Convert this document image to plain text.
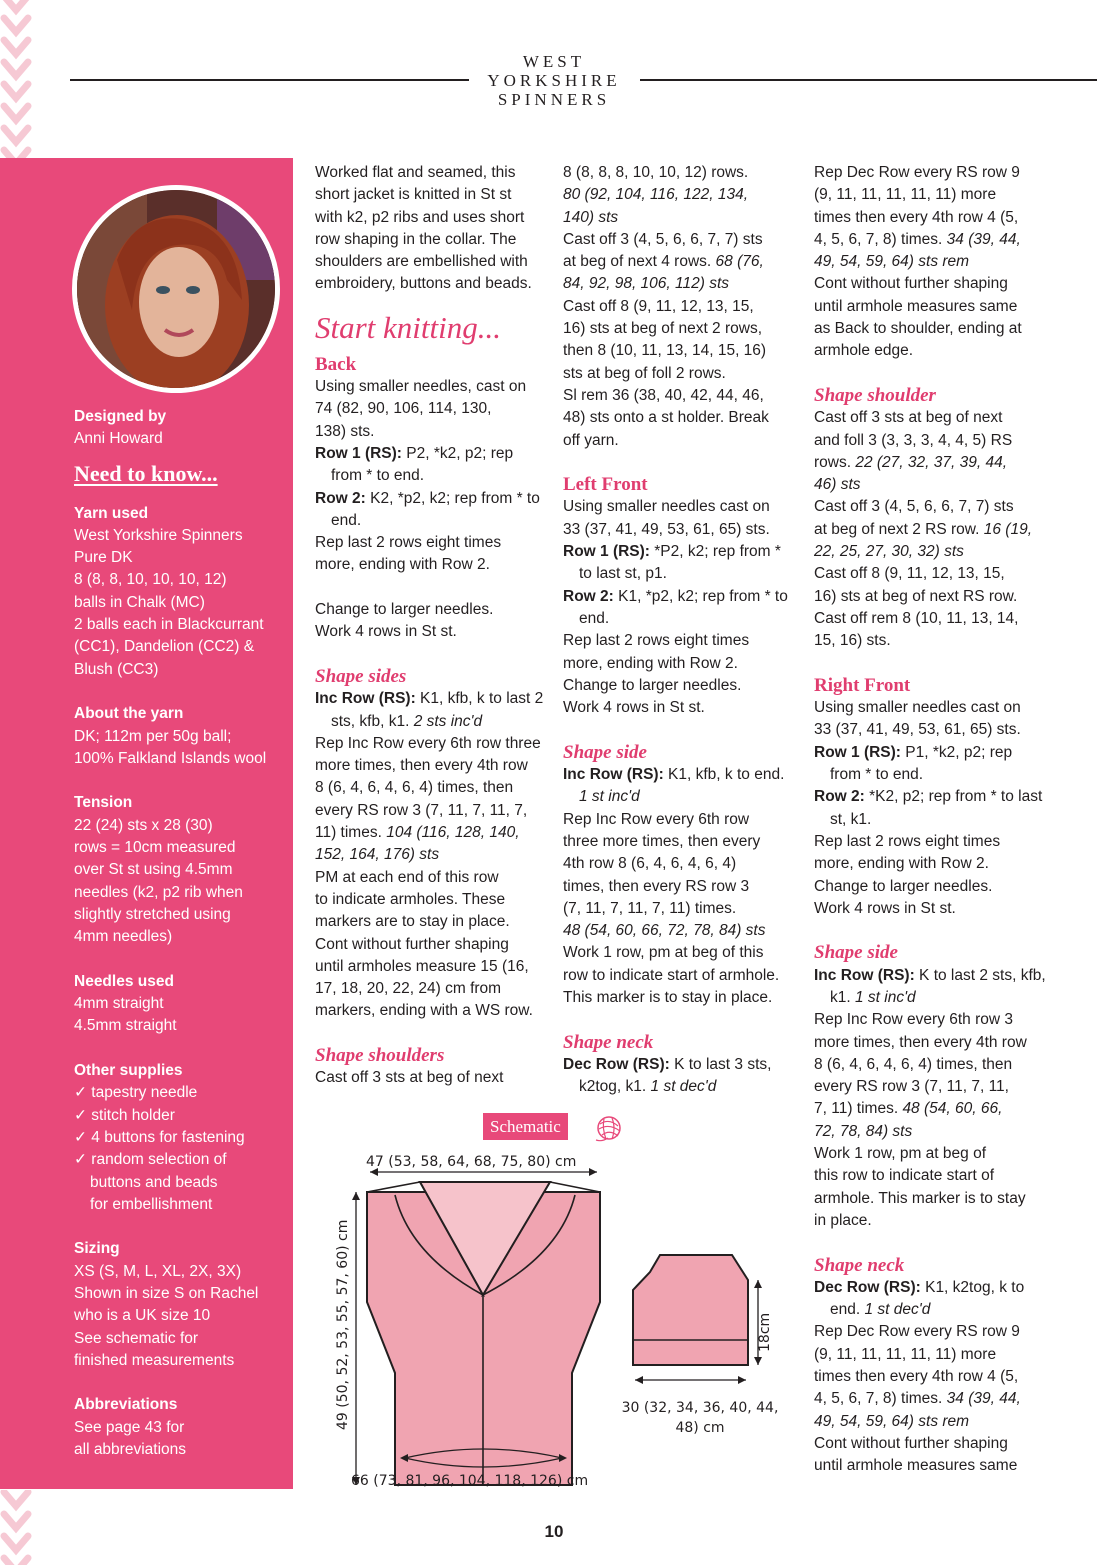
WEST
YORKSHIRE
SPINNERS
Designed by
Anni Howard
Need to know...
Yarn used
West Yorkshire Spinners
Pure DK
8 (8, 8, 10, 10, 10, 12)
balls in Chalk (MC)
2 balls each in Blackcurrant
(CC1), Dandelion (CC2) &
Blush (CC3)
About the yarn
DK; 112m per 50g ball;
100% Falkland Islands wool
Tension
22 (24) sts x 28 (30)
rows = 10cm measured
over St st using 4.5mm
needles (k2, p2 rib when
slightly stretched using
4mm needles)
Needles used
4mm straight
4.5mm straight
Other supplies
✓ tapestry needle
✓ stitch holder
✓ 4 buttons for fastening
✓ random selection of
buttons and beads
for embellishment
Sizing
XS (S, M, L, XL, 2X, 3X)
Shown in size S on Rachel
who is a UK size 10
See schematic for
finished measurements
Abbreviations
See page 43 for
all abbreviations

Worked flat and seamed, this

short jacket is knitted in St st

with k2, p2 ribs and uses short

row shaping in the collar. The

shoulders are embellished with

embroidery, buttons and beads.

Start knitting...
Back

Using smaller needles, cast on

74 (82, 90, 106, 114, 130,

138) sts.

Row 1 (RS): P2, *k2, p2; rep from * to end.

Row 2: K2, *p2, k2; rep from * to end.

Rep last 2 rows eight times

more, ending with Row 2.

Change to larger needles.

Work 4 rows in St st.

Shape sides

Inc Row (RS): K1, kfb, k to last 2 sts, kfb, k1. 2 sts inc'd

Rep Inc Row every 6th row three

more times, then every 4th row

8 (6, 4, 6, 4, 6, 4) times, then

every RS row 3 (7, 11, 7, 11, 7,

11) times. 104 (116, 128, 140,

152, 164, 176) sts

PM at each end of this row

to indicate armholes. These

markers are to stay in place.

Cont without further shaping

until armholes measure 15 (16,

17, 18, 20, 22, 24) cm from

markers, ending with a WS row.

Shape shoulders

Cast off 3 sts at beg of next

8 (8, 8, 8, 10, 10, 12) rows.

80 (92, 104, 116, 122, 134,

140) sts

Cast off 3 (4, 5, 6, 6, 7, 7) sts

at beg of next 4 rows. 68 (76,

84, 92, 98, 106, 112) sts

Cast off 8 (9, 11, 12, 13, 15,

16) sts at beg of next 2 rows,

then 8 (10, 11, 13, 14, 15, 16)

sts at beg of foll 2 rows.

Sl rem 36 (38, 40, 42, 44, 46,

48) sts onto a st holder. Break

off yarn.

Left Front

Using smaller needles cast on

33 (37, 41, 49, 53, 61, 65) sts.

Row 1 (RS): *P2, k2; rep from * to last st, p1.

Row 2: K1, *p2, k2; rep from * to end.

Rep last 2 rows eight times

more, ending with Row 2.

Change to larger needles.

Work 4 rows in St st.

Shape side

Inc Row (RS): K1, kfb, k to end. 1 st inc'd

Rep Inc Row every 6th row

three more times, then every

4th row 8 (6, 4, 6, 4, 6, 4)

times, then every RS row 3

(7, 11, 7, 11, 7, 11) times.

48 (54, 60, 66, 72, 78, 84) sts

Work 1 row, pm at beg of this

row to indicate start of armhole.

This marker is to stay in place.

Shape neck

Dec Row (RS): K to last 3 sts, k2tog, k1. 1 st dec'd

Rep Dec Row every RS row 9

(9, 11, 11, 11, 11, 11) more

times then every 4th row 4 (5,

4, 5, 6, 7, 8) times. 34 (39, 44,

49, 54, 59, 64) sts rem

Cont without further shaping

until armhole measures same

as Back to shoulder, ending at

armhole edge.

Shape shoulder

Cast off 3 sts at beg of next

and foll 3 (3, 3, 3, 4, 4, 5) RS

rows. 22 (27, 32, 37, 39, 44,

46) sts

Cast off 3 (4, 5, 6, 6, 7, 7) sts

at beg of next 2 RS row. 16 (19,

22, 25, 27, 30, 32) sts

Cast off 8 (9, 11, 12, 13, 15,

16) sts at beg of next RS row.

Cast off rem 8 (10, 11, 13, 14,

15, 16) sts.

Right Front

Using smaller needles cast on

33 (37, 41, 49, 53, 61, 65) sts.

Row 1 (RS): P1, *k2, p2; rep from * to end.

Row 2: *K2, p2; rep from * to last st, k1.

Rep last 2 rows eight times

more, ending with Row 2.

Change to larger needles.

Work 4 rows in St st.

Shape side

Inc Row (RS): K to last 2 sts, kfb, k1. 1 st inc'd

Rep Inc Row every 6th row 3

more times, then every 4th row

8 (6, 4, 6, 4, 6, 4) times, then

every RS row 3 (7, 11, 7, 11,

7, 11) times. 48 (54, 60, 66,

72, 78, 84) sts

Work 1 row, pm at beg of

this row to indicate start of

armhole. This marker is to stay

in place.

Shape neck

Dec Row (RS): K1, k2tog, k to end. 1 st dec'd

Rep Dec Row every RS row 9

(9, 11, 11, 11, 11, 11) more

times then every 4th row 4 (5,

4, 5, 6, 7, 8) times. 34 (39, 44,

49, 54, 59, 64) sts rem

Cont without further shaping

until armhole measures same

Schematic
47 (53, 58, 64, 68, 75, 80) cm
49 (50, 52, 53, 55, 57, 60) cm
66 (73, 81, 96, 104, 118, 126) cm
18cm
30 (32, 34, 36, 40, 44, 48) cm
10
